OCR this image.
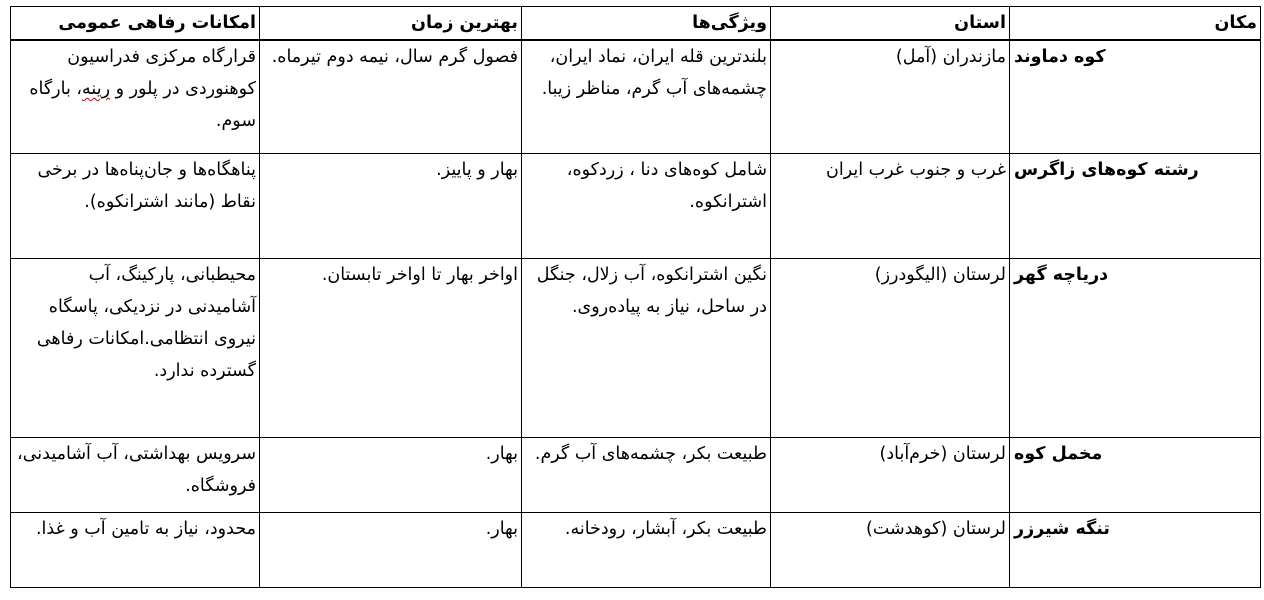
مکان	استان	ویژگی‌ها	بهترین زمان	امکانات رفاهی عمومی

کوه دماوند	مازندران (آمل)	بلندترین قله ایران، نماد ایران، چشمه‌های آب گرم، مناظر زیبا.	فصول گرم سال، نیمه دوم تیرماه.	قرارگاه مرکزی فدراسیون کوهنوردی در پلور و رینه، بارگاه سوم.

رشته کوه‌های زاگرس	غرب و جنوب غرب ایران	شامل کوه‌های دنا ، زردکوه، اشترانکوه.	بهار و پاییز.	پناهگاه‌ها و جان‌پناه‌ها در برخی نقاط (مانند اشترانکوه).

دریاچه گهر	لرستان (الیگودرز)	نگین اشترانکوه، آب زلال، جنگل در ساحل، نیاز به پیاده‌روی.	اواخر بهار تا اواخر تابستان.	محیطبانی، پارکینگ، آب آشامیدنی در نزدیکی، پاسگاه نیروی انتظامی.امکانات رفاهی گسترده ندارد.

مخمل کوه	لرستان (خرم‌آباد)	طبیعت بکر، چشمه‌های آب گرم.	بهار.	سرویس بهداشتی، آب آشامیدنی، فروشگاه.

تنگه شیرزر	لرستان (کوهدشت)	طبیعت بکر، آبشار، رودخانه.	بهار.	محدود، نیاز به تامین آب و غذا.
